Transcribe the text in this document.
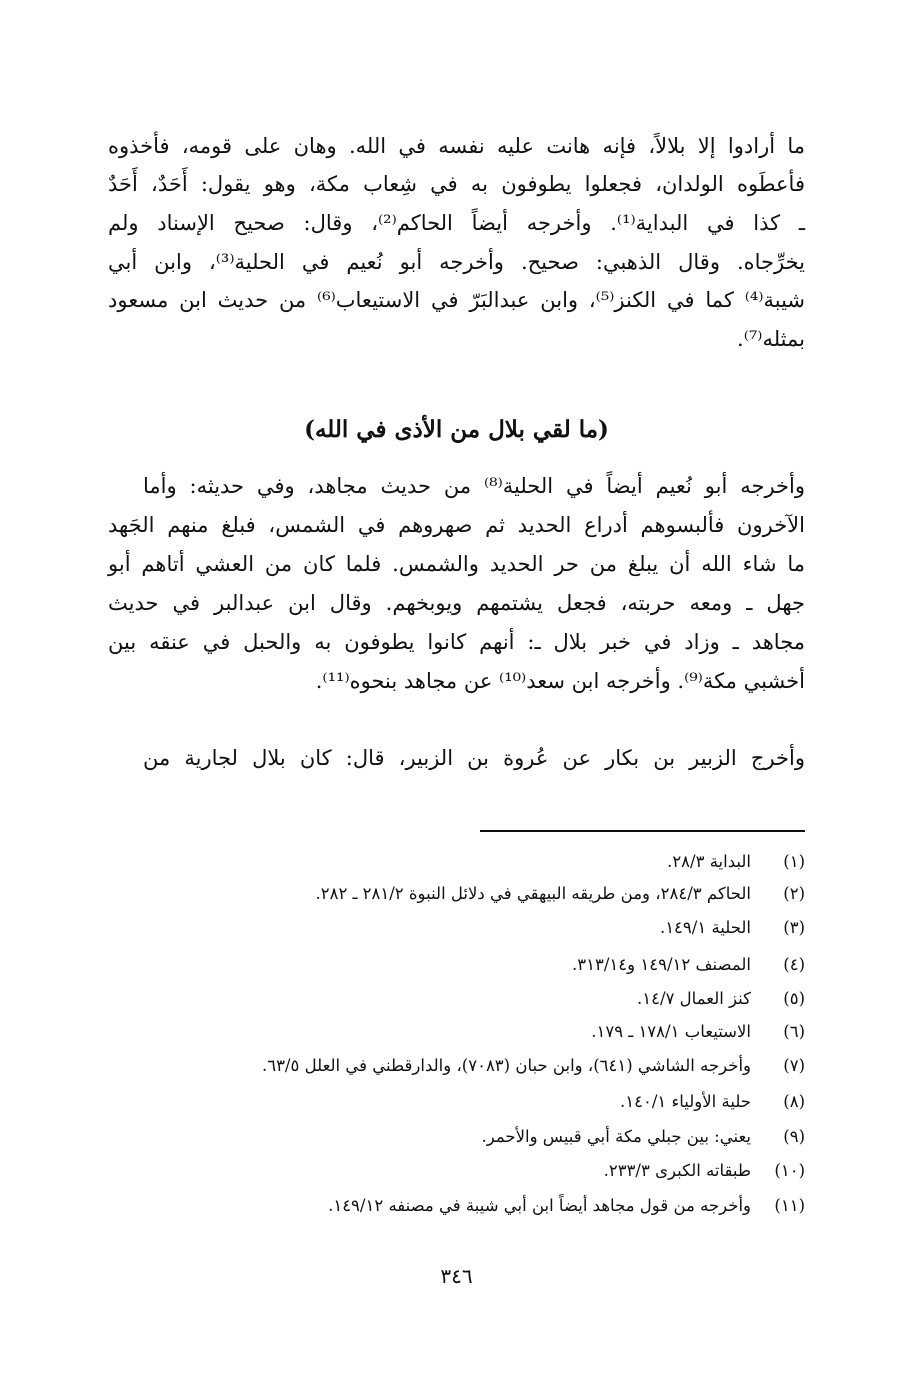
ما أرادوا إلا بلالاً، فإنه هانت عليه نفسه في الله. وهان على قومه، فأخذوه
فأعطَوه الولدان، فجعلوا يطوفون به في شِعاب مكة، وهو يقول: أَحَدٌ، أَحَدٌ
ـ كذا في البداية⁽¹⁾. وأخرجه أيضاً الحاكم⁽²⁾، وقال: صحيح الإسناد ولم
يخرِّجاه. وقال الذهبي: صحيح. وأخرجه أبو نُعيم في الحلية⁽³⁾، وابن أبي
شيبة⁽⁴⁾ كما في الكنز⁽⁵⁾، وابن عبدالبَرّ في الاستيعاب⁽⁶⁾ من حديث ابن مسعود
بمثله⁽⁷⁾.
(ما لقي بلال من الأذى في الله)
وأخرجه أبو نُعيم أيضاً في الحلية⁽⁸⁾ من حديث مجاهد، وفي حديثه: وأما
الآخرون فألبسوهم أدراع الحديد ثم صهروهم في الشمس، فبلغ منهم الجَهد
ما شاء الله أن يبلغ من حر الحديد والشمس. فلما كان من العشي أتاهم أبو
جهل ـ ومعه حربته، فجعل يشتمهم ويوبخهم. وقال ابن عبدالبر في حديث
مجاهد ـ وزاد في خبر بلال ـ: أنهم كانوا يطوفون به والحبل في عنقه بين
أخشبي مكة⁽⁹⁾. وأخرجه ابن سعد⁽¹⁰⁾ عن مجاهد بنحوه⁽¹¹⁾.
وأخرج الزبير بن بكار عن عُروة بن الزبير، قال: كان بلال لجارية من
(١)البداية ٢٨/٣.
(٢)الحاكم ٢٨٤/٣، ومن طريقه البيهقي في دلائل النبوة ٢٨١/٢ ـ ٢٨٢.
(٣)الحلية ١٤٩/١.
(٤)المصنف ١٤٩/١٢ و٣١٣/١٤.
(٥)كنز العمال ١٤/٧.
(٦)الاستيعاب ١٧٨/١ ـ ١٧٩.
(٧)وأخرجه الشاشي (٦٤١)، وابن حبان (٧٠٨٣)، والدارقطني في العلل ٦٣/٥.
(٨)حلية الأولياء ١٤٠/١.
(٩)يعني: بين جبلي مكة أبي قبيس والأحمر.
(١٠)طبقاته الكبرى ٢٣٣/٣.
(١١)وأخرجه من قول مجاهد أيضاً ابن أبي شيبة في مصنفه ١٤٩/١٢.
٣٤٦
